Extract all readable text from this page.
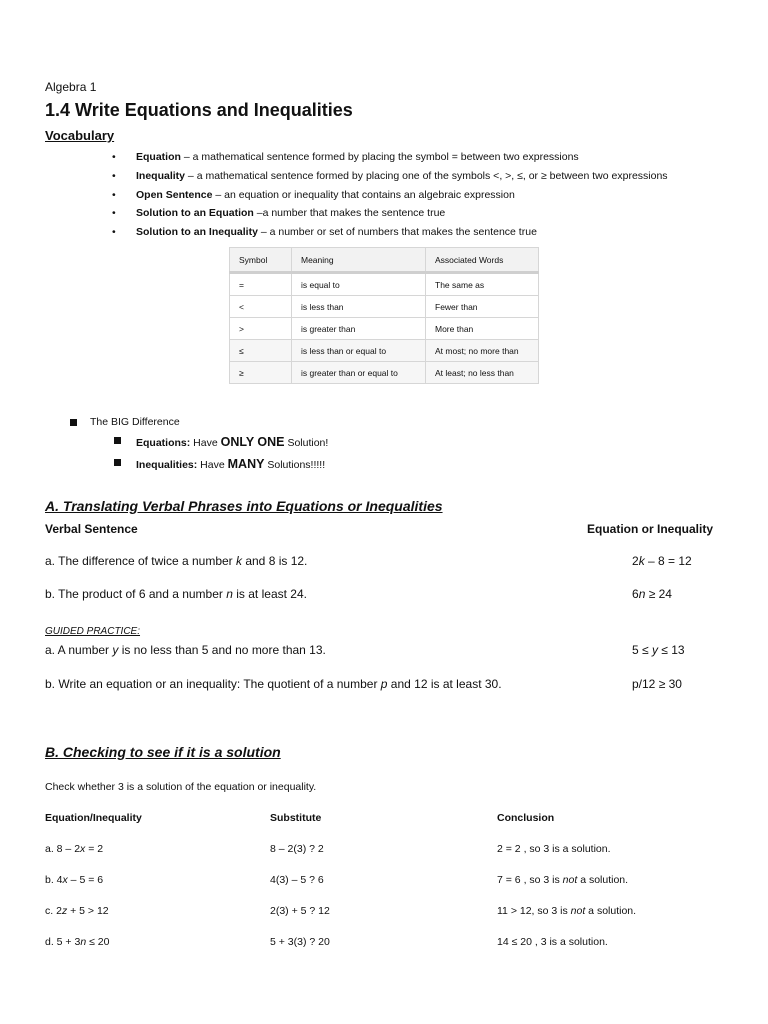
Algebra 1
1.4 Write Equations and Inequalities
Vocabulary
• Equation – a mathematical sentence formed by placing the symbol = between two expressions
• Inequality – a mathematical sentence formed by placing one of the symbols <, >, ≤, or ≥ between two expressions
• Open Sentence – an equation or inequality that contains an algebraic expression
• Solution to an Equation –a number that makes the sentence true
• Solution to an Inequality – a number or set of numbers that makes the sentence true
Symbol	Meaning	Associated Words
=	is equal to	The same as
<	is less than	Fewer than
>	is greater than	More than
≤	is less than or equal to	At most; no more than
≥	is greater than or equal to	At least; no less than
The BIG Difference
Equations: Have ONLY ONE Solution!
Inequalities: Have MANY Solutions!!!!!
A. Translating Verbal Phrases into Equations or Inequalities
Verbal Sentence	Equation or Inequality
a. The difference of twice a number k and 8 is 12.	2k – 8 = 12
b. The product of 6 and a number n is at least 24.	6n ≥ 24
GUIDED PRACTICE:
a. A number y is no less than 5 and no more than 13.	5 ≤ y ≤ 13
b. Write an equation or an inequality: The quotient of a number p and 12 is at least 30.	p/12 ≥ 30
B. Checking to see if it is a solution
Check whether 3 is a solution of the equation or inequality.
Equation/Inequality	Substitute	Conclusion
a. 8 – 2x = 2	8 – 2(3) ? 2	2 = 2 , so 3 is a solution.
b. 4x – 5 = 6	4(3) – 5 ? 6	7 = 6 , so 3 is not a solution.
c. 2z + 5 > 12	2(3) + 5 ? 12	11 > 12, so 3 is not a solution.
d. 5 + 3n ≤ 20	5 + 3(3) ? 20	14 ≤ 20 , 3 is a solution.
